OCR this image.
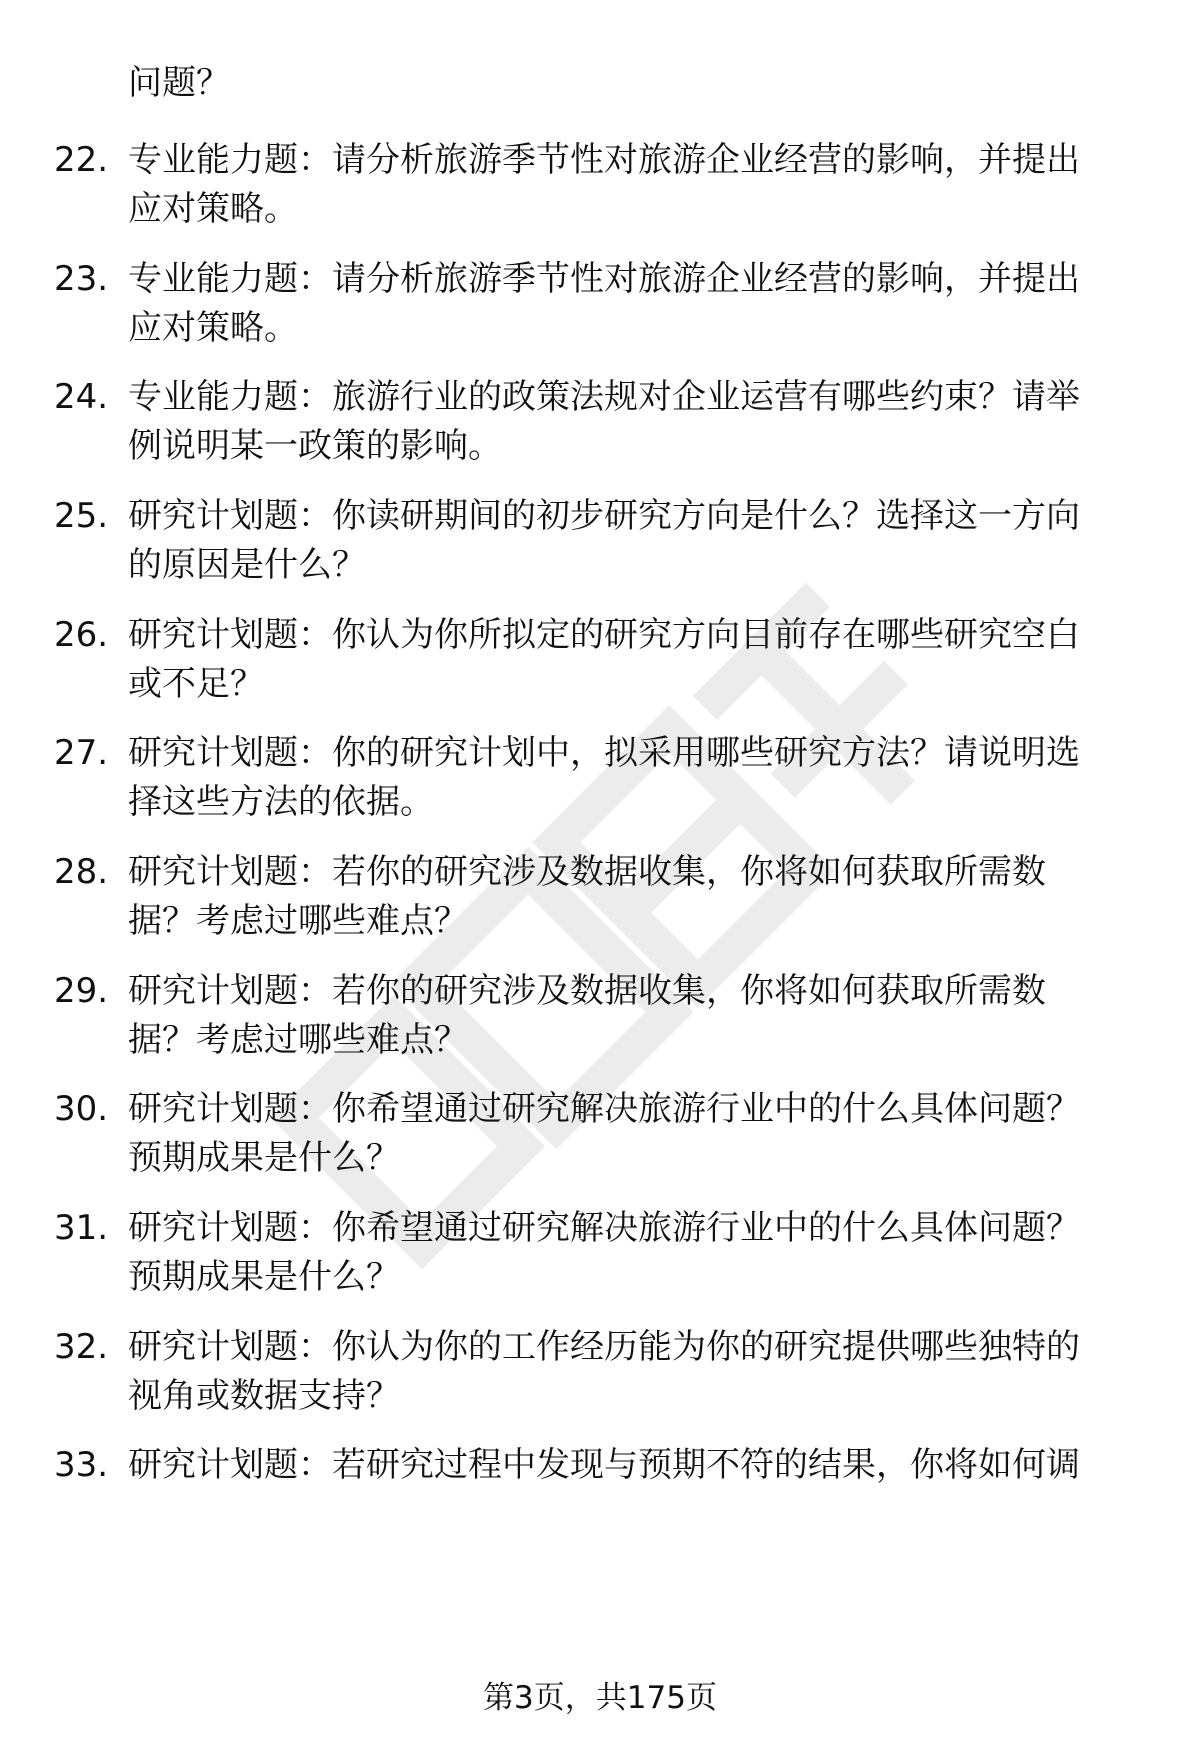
问题？
22. 专业能力题：请分析旅游季节性对旅游企业经营的影响，并提出
应对策略。
23. 专业能力题：请分析旅游季节性对旅游企业经营的影响，并提出
应对策略。
24. 专业能力题：旅游行业的政策法规对企业运营有哪些约束？请举
例说明某一政策的影响。
25. 研究计划题：你读研期间的初步研究方向是什么？选择这一方向
的原因是什么？
26. 研究计划题：你认为你所拟定的研究方向目前存在哪些研究空白
或不足？
27. 研究计划题：你的研究计划中，拟采用哪些研究方法？请说明选
择这些方法的依据。
28. 研究计划题：若你的研究涉及数据收集，你将如何获取所需数
据？考虑过哪些难点？
29. 研究计划题：若你的研究涉及数据收集，你将如何获取所需数
据？考虑过哪些难点？
30. 研究计划题：你希望通过研究解决旅游行业中的什么具体问题？
预期成果是什么？
31. 研究计划题：你希望通过研究解决旅游行业中的什么具体问题？
预期成果是什么？
32. 研究计划题：你认为你的工作经历能为你的研究提供哪些独特的
视角或数据支持？
33. 研究计划题：若研究过程中发现与预期不符的结果，你将如何调
第3页，共175页
